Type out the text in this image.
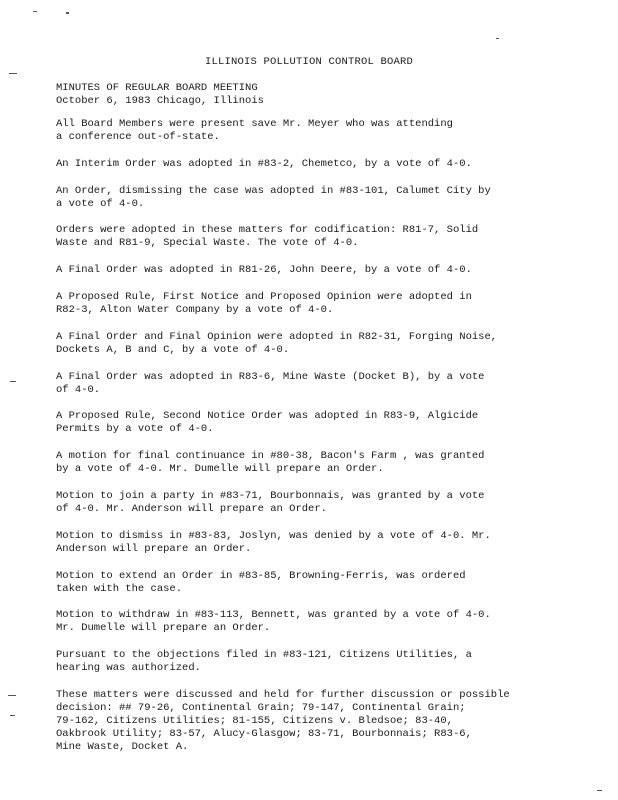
ILLINOIS POLLUTION CONTROL BOARD
MINUTES OF REGULAR BOARD MEETING
October 6, 1983 Chicago, Illinois

All Board Members were present save Mr. Meyer who was attending
a conference out-of-state.

An Interim Order was adopted in #83-2, Chemetco, by a vote of 4-0.

An Order, dismissing the case was adopted in #83-101, Calumet City by
a vote of 4-0.

Orders were adopted in these matters for codification: R81-7, Solid
Waste and R81-9, Special Waste. The vote of 4-0.

A Final Order was adopted in R81-26, John Deere, by a vote of 4-0.

A Proposed Rule, First Notice and Proposed Opinion were adopted in
R82-3, Alton Water Company by a vote of 4-0.

A Final Order and Final Opinion were adopted in R82-31, Forging Noise,
Dockets A, B and C, by a vote of 4-0.

A Final Order was adopted in R83-6, Mine Waste (Docket B), by a vote
of 4-0.

A Proposed Rule, Second Notice Order was adopted in R83-9, Algicide
Permits by a vote of 4-0.

A motion for final continuance in #80-38, Bacon's Farm , was granted
by a vote of 4-0. Mr. Dumelle will prepare an Order.

Motion to join a party in #83-71, Bourbonnais, was granted by a vote
of 4-0. Mr. Anderson will prepare an Order.

Motion to dismiss in #83-83, Joslyn, was denied by a vote of 4-0. Mr.
Anderson will prepare an Order.

Motion to extend an Order in #83-85, Browning-Ferris, was ordered
taken with the case.

Motion to withdraw in #83-113, Bennett, was granted by a vote of 4-0.
Mr. Dumelle will prepare an Order.

Pursuant to the objections filed in #83-121, Citizens Utilities, a
hearing was authorized.

These matters were discussed and held for further discussion or possible
decision: ## 79-26, Continental Grain; 79-147, Continental Grain;
79-162, Citizens Utilities; 81-155, Citizens v. Bledsoe; 83-40,
Oakbrook Utility; 83-57, Alucy-Glasgow; 83-71, Bourbonnais; R83-6,
Mine Waste, Docket A.
